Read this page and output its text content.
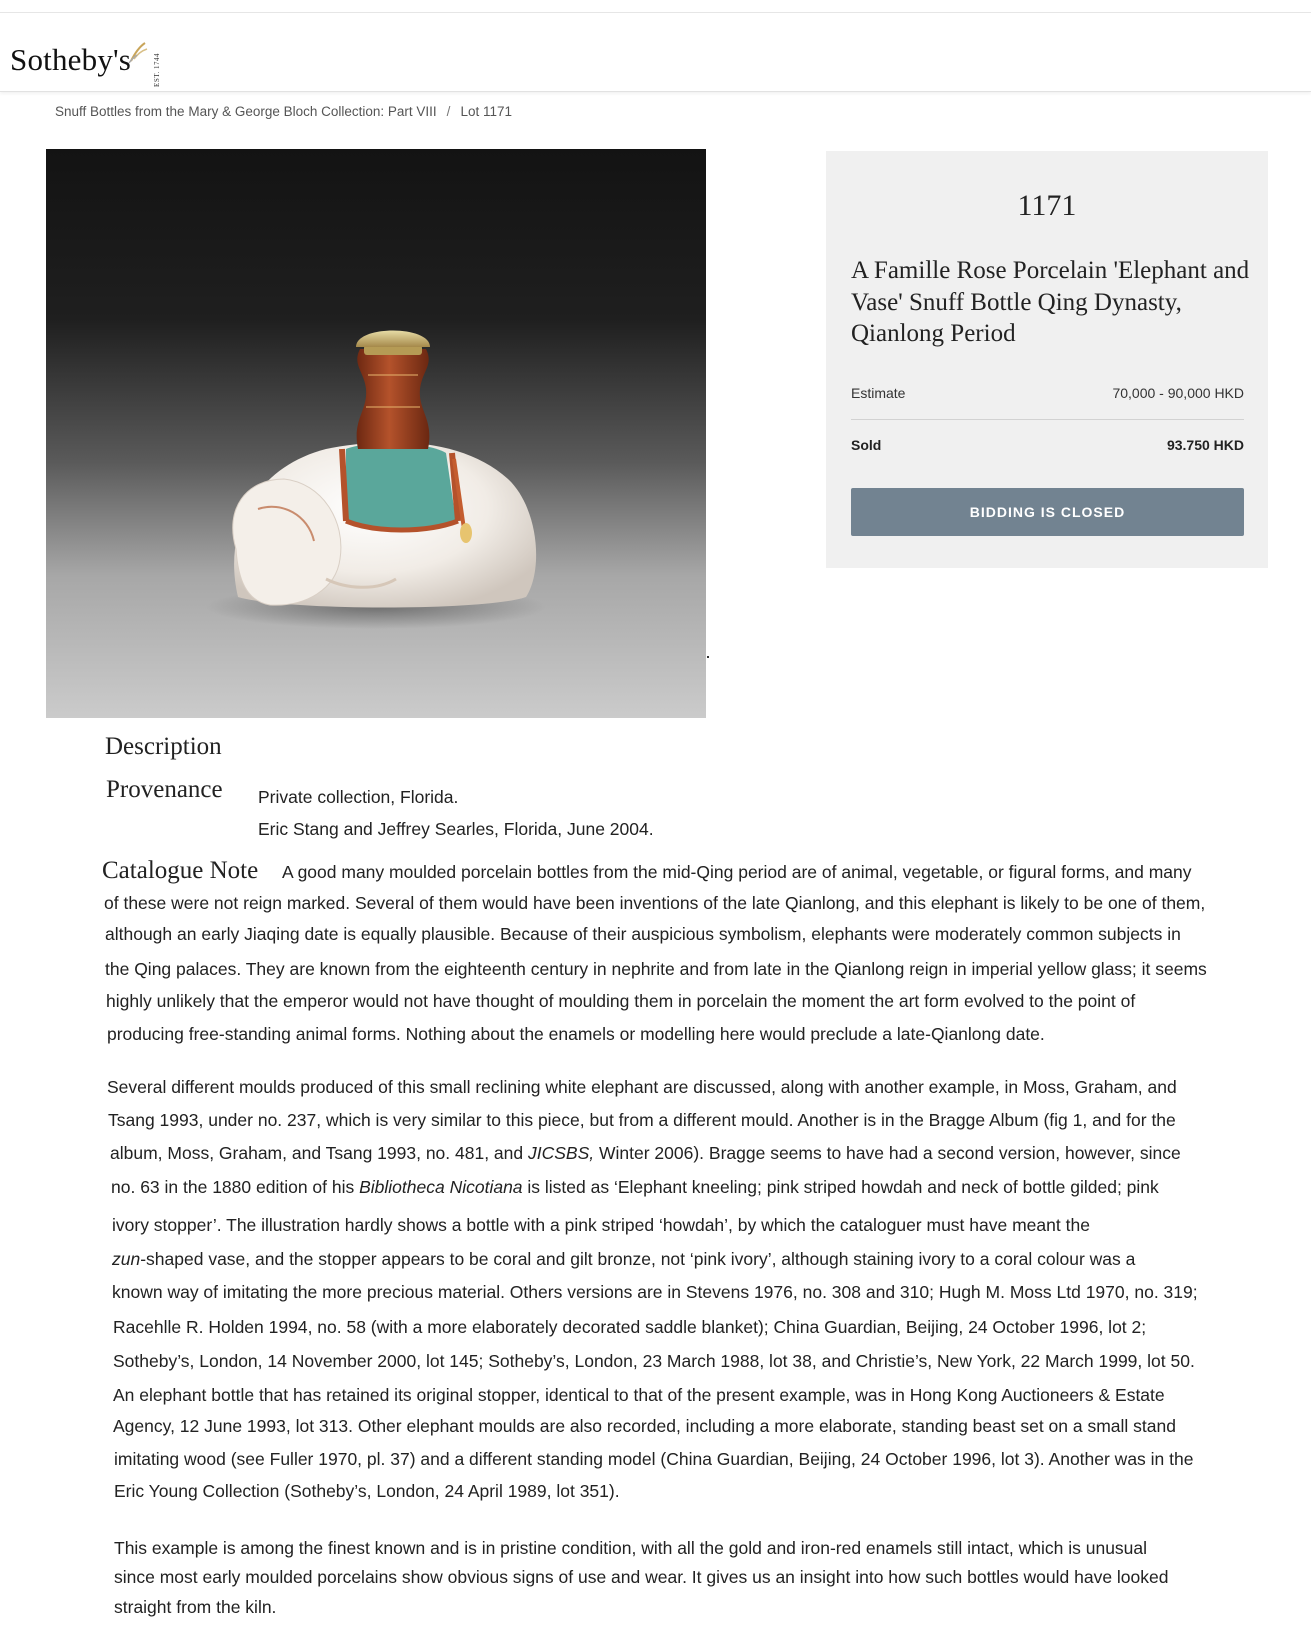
Sotheby's	EST. 1744
Snuff Bottles from the Mary & George Bloch Collection: Part VIII / Lot 1171
1171
A Famille Rose Porcelain 'Elephant and Vase' Snuff Bottle Qing Dynasty, Qianlong Period
Estimate	70,000 - 90,000 HKD
Sold	93.750 HKD
BIDDING IS CLOSED
Description
Provenance Private collection, Florida.
Eric Stang and Jeffrey Searles, Florida, June 2004.
Catalogue Note A good many moulded porcelain bottles from the mid-Qing period are of animal, vegetable, or figural forms, and many
of these were not reign marked. Several of them would have been inventions of the late Qianlong, and this elephant is likely to be one of them,
although an early Jiaqing date is equally plausible. Because of their auspicious symbolism, elephants were moderately common subjects in
the Qing palaces. They are known from the eighteenth century in nephrite and from late in the Qianlong reign in imperial yellow glass; it seems
highly unlikely that the emperor would not have thought of moulding them in porcelain the moment the art form evolved to the point of
producing free-standing animal forms. Nothing about the enamels or modelling here would preclude a late-Qianlong date.
Several different moulds produced of this small reclining white elephant are discussed, along with another example, in Moss, Graham, and
Tsang 1993, under no. 237, which is very similar to this piece, but from a different mould. Another is in the Bragge Album (fig 1, and for the
album, Moss, Graham, and Tsang 1993, no. 481, and JICSBS, Winter 2006). Bragge seems to have had a second version, however, since
no. 63 in the 1880 edition of his Bibliotheca Nicotiana is listed as ‘Elephant kneeling; pink striped howdah and neck of bottle gilded; pink
ivory stopper’. The illustration hardly shows a bottle with a pink striped ‘howdah’, by which the cataloguer must have meant the
zun-shaped vase, and the stopper appears to be coral and gilt bronze, not ‘pink ivory’, although staining ivory to a coral colour was a
known way of imitating the more precious material. Others versions are in Stevens 1976, no. 308 and 310; Hugh M. Moss Ltd 1970, no. 319;
Racehlle R. Holden 1994, no. 58 (with a more elaborately decorated saddle blanket); China Guardian, Beijing, 24 October 1996, lot 2;
Sotheby’s, London, 14 November 2000, lot 145; Sotheby’s, London, 23 March 1988, lot 38, and Christie’s, New York, 22 March 1999, lot 50.
An elephant bottle that has retained its original stopper, identical to that of the present example, was in Hong Kong Auctioneers & Estate
Agency, 12 June 1993, lot 313. Other elephant moulds are also recorded, including a more elaborate, standing beast set on a small stand
imitating wood (see Fuller 1970, pl. 37) and a different standing model (China Guardian, Beijing, 24 October 1996, lot 3). Another was in the
Eric Young Collection (Sotheby’s, London, 24 April 1989, lot 351).
This example is among the finest known and is in pristine condition, with all the gold and iron-red enamels still intact, which is unusual
since most early moulded porcelains show obvious signs of use and wear. It gives us an insight into how such bottles would have looked
straight from the kiln.
